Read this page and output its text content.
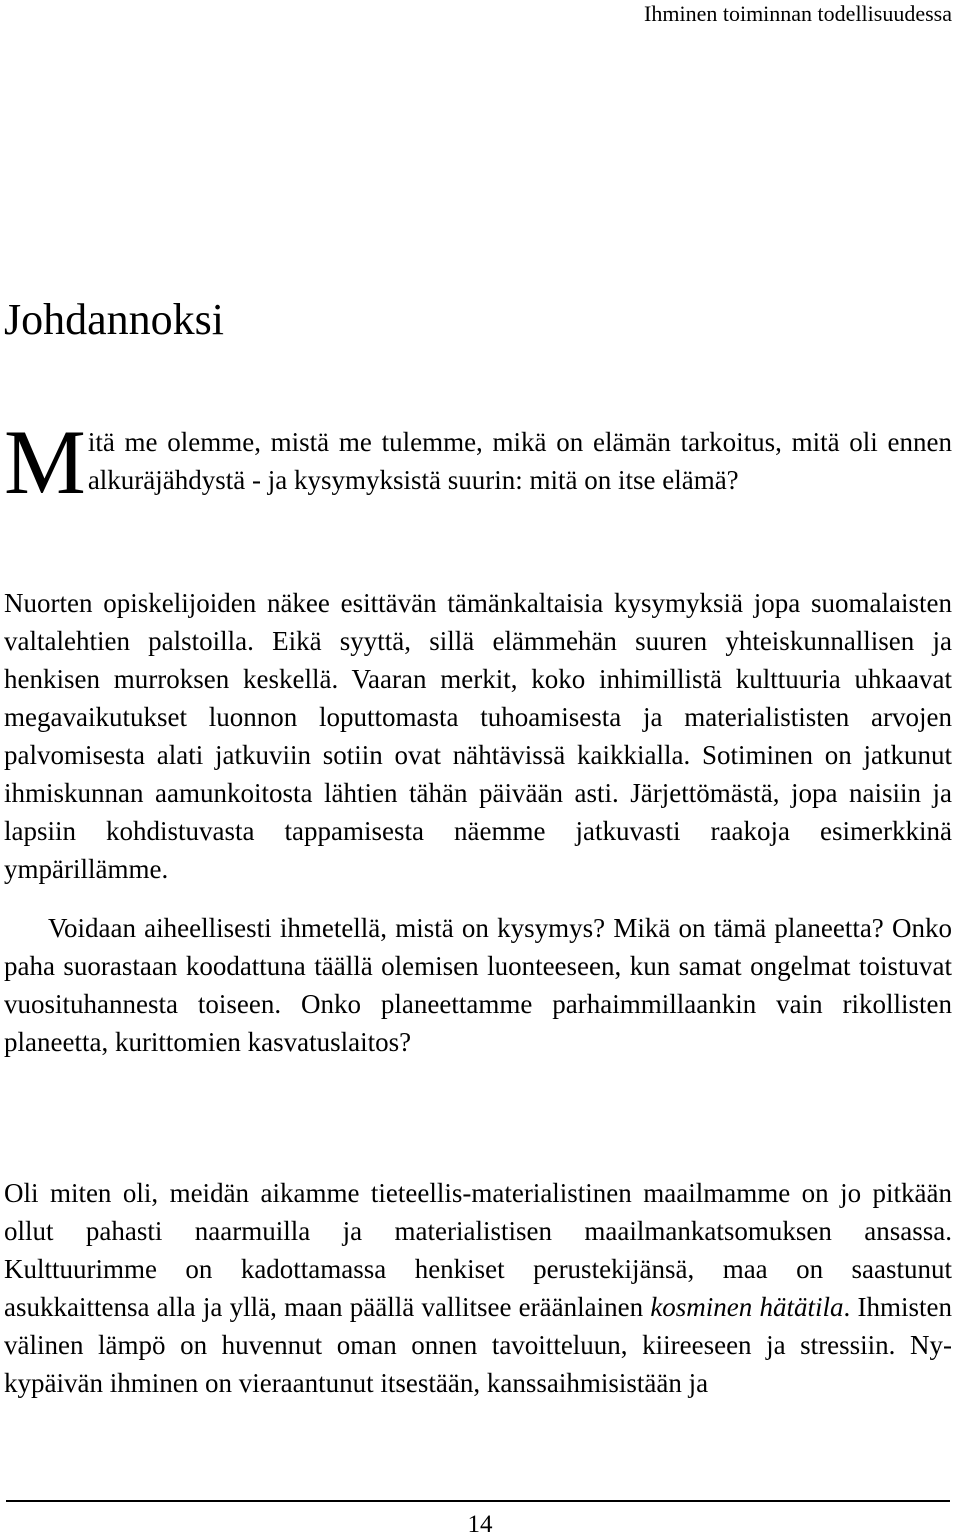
Ihminen toiminnan todellisuudessa
Johdannoksi

Mitä me olemme, mistä me tulemme, mikä on elämän tarkoitus, mitä oli ennen alkuräjähdystä - ja kysymyksistä suurin: mitä on itse elämä?

Nuorten opiskelijoiden näkee esittävän tämänkaltaisia kysymyksiä jopa suomalaisten valtalehtien palstoilla. Eikä syyttä, sillä elämmehän suuren yhteiskunnallisen ja henkisen murroksen keskellä. Vaaran merkit, koko inhimillistä kulttuuria uhkaavat megavaikutukset luonnon loputtomasta tuhoamisesta ja materialististen arvojen palvomisesta alati jatkuviin sotiin ovat nähtävissä kaikkialla. Sotiminen on jatkunut ihmiskunnan aamunkoitosta lähtien tähän päivään asti. Järjettömästä, jopa naisiin ja lapsiin kohdistuvasta tappamisesta näemme jatkuvasti raakoja esimerkkinä ympärillämme.

Voidaan aiheellisesti ihmetellä, mistä on kysymys? Mikä on tämä planeetta? Onko paha suorastaan koodattuna täällä olemisen luonteeseen, kun samat ongelmat toistuvat vuosituhannesta toiseen. Onko planeettamme parhaimmillaankin vain rikollisten planeetta, kurittomien kasvatuslaitos?

Oli miten oli, meidän aikamme tieteellis-materialistinen maailmamme on jo pitkään ollut pahasti naarmuilla ja materialistisen maailmankatsomuksen ansassa. Kulttuurimme on kadottamassa henkiset perustekijänsä, maa on saastunut asukkaittensa alla ja yllä, maan päällä vallitsee eräänlainen kosminen hätätila. Ihmisten välinen lämpö on huvennut oman onnen tavoitteluun, kiireeseen ja stressiin. Nykypäivän ihminen on vieraantunut itsestään, kanssaihmisistään ja

14
